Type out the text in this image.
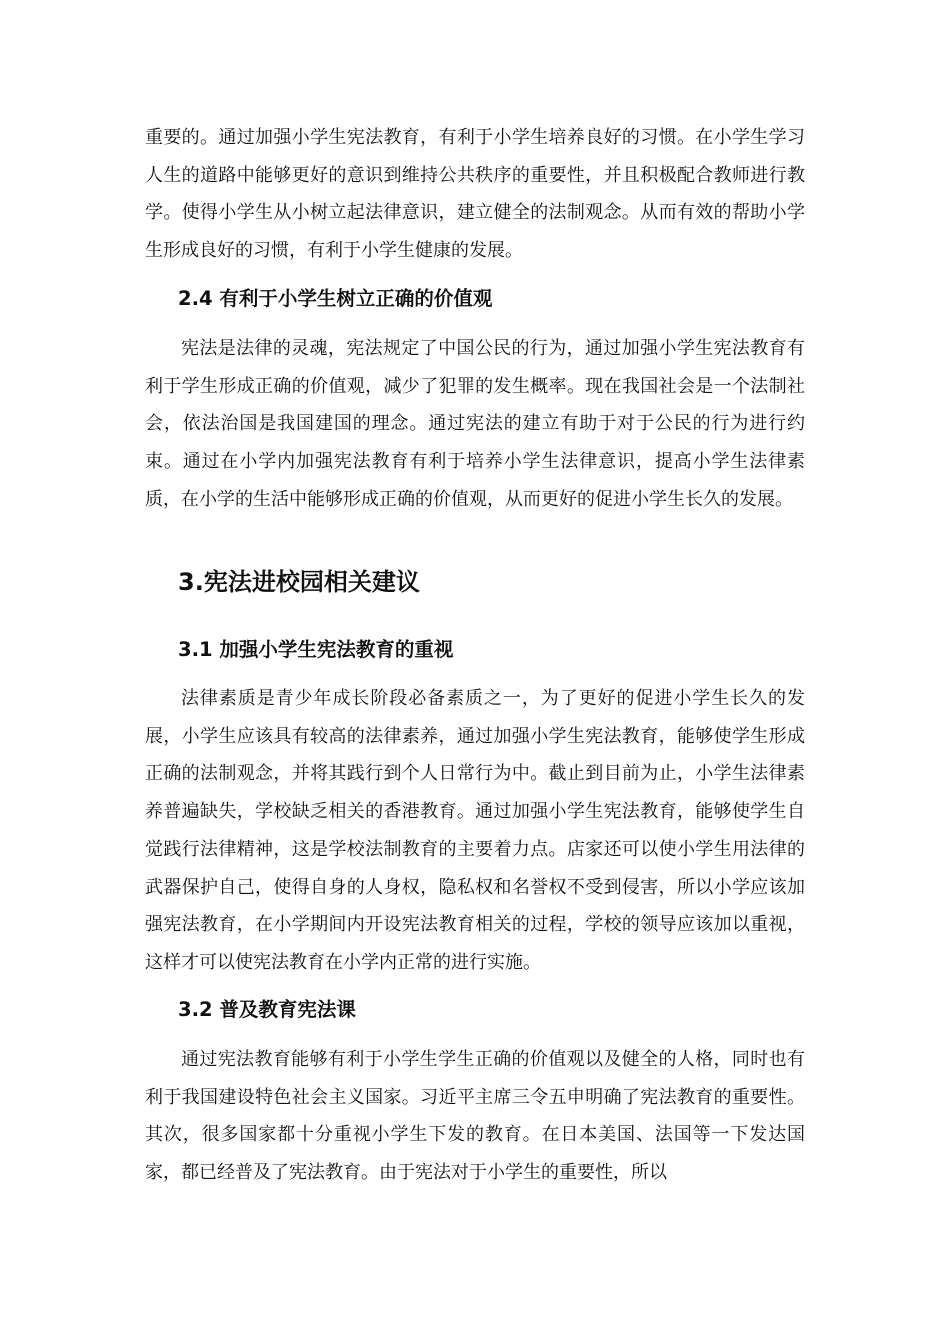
重要的。通过加强小学生宪法教育，有利于小学生培养良好的习惯。在小学生学习人生的道路中能够更好的意识到维持公共秩序的重要性，并且积极配合教师进行教学。使得小学生从小树立起法律意识，建立健全的法制观念。从而有效的帮助小学生形成良好的习惯，有利于小学生健康的发展。

2.4 有利于小学生树立正确的价值观

宪法是法律的灵魂，宪法规定了中国公民的行为，通过加强小学生宪法教育有利于学生形成正确的价值观，减少了犯罪的发生概率。现在我国社会是一个法制社会，依法治国是我国建国的理念。通过宪法的建立有助于对于公民的行为进行约束。通过在小学内加强宪法教育有利于培养小学生法律意识，提高小学生法律素质，在小学的生活中能够形成正确的价值观，从而更好的促进小学生长久的发展。

3.宪法进校园相关建议
3.1 加强小学生宪法教育的重视

法律素质是青少年成长阶段必备素质之一，为了更好的促进小学生长久的发展，小学生应该具有较高的法律素养，通过加强小学生宪法教育，能够使学生形成正确的法制观念，并将其践行到个人日常行为中。截止到目前为止，小学生法律素养普遍缺失，学校缺乏相关的香港教育。通过加强小学生宪法教育，能够使学生自觉践行法律精神，这是学校法制教育的主要着力点。店家还可以使小学生用法律的武器保护自己，使得自身的人身权，隐私权和名誉权不受到侵害，所以小学应该加强宪法教育，在小学期间内开设宪法教育相关的过程，学校的领导应该加以重视，这样才可以使宪法教育在小学内正常的进行实施。

3.2 普及教育宪法课

通过宪法教育能够有利于小学生学生正确的价值观以及健全的人格，同时也有利于我国建设特色社会主义国家。习近平主席三令五申明确了宪法教育的重要性。其次，很多国家都十分重视小学生下发的教育。在日本美国、法国等一下发达国家，都已经普及了宪法教育。由于宪法对于小学生的重要性，所以
